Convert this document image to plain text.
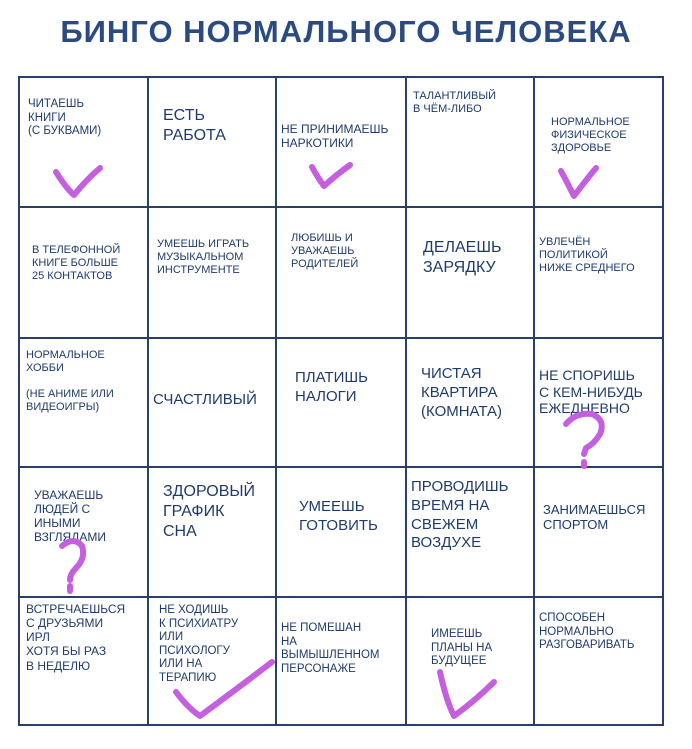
БИНГО НОРМАЛЬНОГО ЧЕЛОВЕКА
ЧИТАЕШЬ
КНИГИ
(С БУКВАМИ)
ЕСТЬ
РАБОТА	НЕ ПРИНИМАЕШЬ
НАРКОТИКИ
ТАЛАНТЛИВЫЙ
В ЧЁМ-ЛИБО
НОРМАЛЬНОЕ
ФИЗИЧЕСКОЕ
ЗДОРОВЬЕ
В ТЕЛЕФОННОЙ
КНИГЕ БОЛЬШЕ
25 КОНТАКТОВ
УМЕЕШЬ ИГРАТЬ
МУЗЫКАЛЬНОМ
ИНСТРУМЕНТЕ
ЛЮБИШЬ И
УВАЖАЕШЬ
РОДИТЕЛЕЙ
ДЕЛАЕШЬ
ЗАРЯДКУ
УВЛЕЧЁН
ПОЛИТИКОЙ
НИЖЕ СРЕДНЕГО
НОРМАЛЬНОЕ
ХОББИ

(НЕ АНИМЕ ИЛИ
ВИДЕОИГРЫ)	СЧАСТЛИВЫЙ
ПЛАТИШЬ
НАЛОГИ
ЧИСТАЯ
КВАРТИРА
(КОМНАТА)
НЕ СПОРИШЬ
С КЕМ-НИБУДЬ
ЕЖЕДНЕВНО
УВАЖАЕШЬ
ЛЮДЕЙ С
ИНЫМИ
ВЗГЛЯДАМИ
ЗДОРОВЫЙ
ГРАФИК
СНА
УМЕЕШЬ
ГОТОВИТЬ
ПРОВОДИШЬ
ВРЕМЯ НА
СВЕЖЕМ
ВОЗДУХЕ
ЗАНИМАЕШЬСЯ
СПОРТОМ
ВСТРЕЧАЕШЬСЯ
С ДРУЗЬЯМИ
ИРЛ
ХОТЯ БЫ РАЗ
В НЕДЕЛЮ
НЕ ХОДИШЬ
К ПСИХИАТРУ
ИЛИ
ПСИХОЛОГУ
ИЛИ НА
ТЕРАПИЮ
НЕ ПОМЕШАН
НА
ВЫМЫШЛЕННОМ
ПЕРСОНАЖЕ
ИМЕЕШЬ
ПЛАНЫ НА
БУДУЩЕЕ
СПОСОБЕН
НОРМАЛЬНО
РАЗГОВАРИВАТЬ
